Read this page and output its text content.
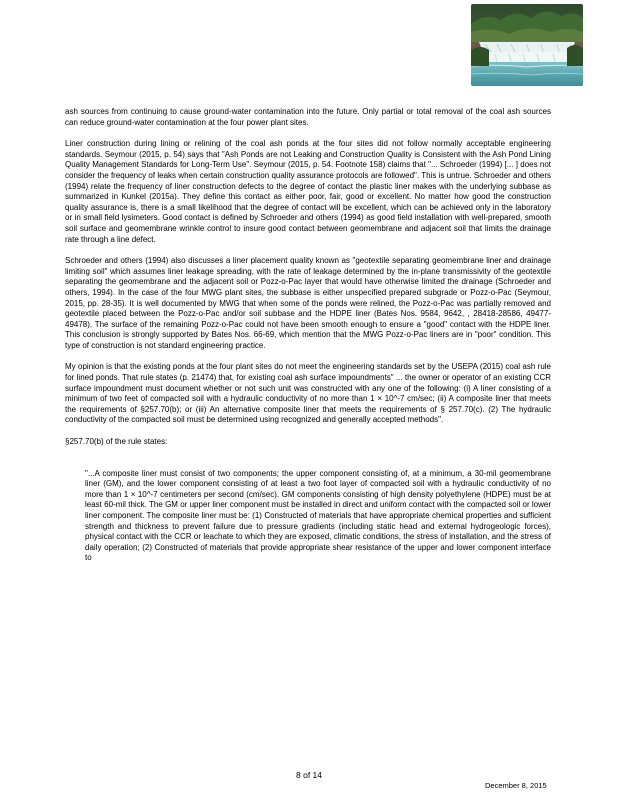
ash sources from continuing to cause ground-water contamination into the future. Only partial or total removal of the coal ash sources can reduce ground-water contamination at the four power plant sites.

Liner construction during lining or relining of the coal ash ponds at the four sites did not follow normally acceptable engineering standards. Seymour (2015, p. 54) says that "Ash Ponds are not Leaking and Construction Quality is Consistent with the Ash Pond Lining Quality Management Standards for Long-Term Use". Seymour (2015, p. 54. Footnote 158) claims that "... Schroeder (1994) [... ] does not consider the frequency of leaks when certain construction quality assurance protocols are followed". This is untrue. Schroeder and others (1994) relate the frequency of liner construction defects to the degree of contact the plastic liner makes with the underlying subbase as summarized in Kunkel (2015a). They define this contact as either poor, fair, good or excellent. No matter how good the construction quality assurance is, there is a small likelihood that the degree of contact will be excellent, which can be achieved only in the laboratory or in small field lysimeters. Good contact is defined by Schroeder and others (1994) as good field installation with well-prepared, smooth soil surface and geomembrane wrinkle control to insure good contact between geomembrane and adjacent soil that limits the drainage rate through a line defect.

Schroeder and others (1994) also discusses a liner placement quality known as "geotextile separating geomembrane liner and drainage limiting soil" which assumes liner leakage spreading, with the rate of leakage determined by the in-plane transmissivity of the geotextile separating the geomembrane and the adjacent soil or Pozz-o-Pac layer that would have otherwise limited the drainage (Schroeder and others, 1994). In the case of the four MWG plant sites, the subbase is either unspecified prepared subgrade or Pozz-o-Pac (Seymour, 2015, pp. 28-35). It is well documented by MWG that when some of the ponds were relined, the Pozz-o-Pac was partially removed and geotextile placed between the Pozz-o-Pac and/or soil subbase and the HDPE liner (Bates Nos. 9584, 9642, , 28418-28586, 49477-49478). The surface of the remaining Pozz-o-Pac could not have been smooth enough to ensure a "good" contact with the HDPE liner. This conclusion is strongly supported by Bates Nos. 66-69, which mention that the MWG Pozz-o-Pac liners are in "poor" condition. This type of construction is not standard engineering practice.

My opinion is that the existing ponds at the four plant sites do not meet the engineering standards set by the USEPA (2015) coal ash rule for lined ponds. That rule states (p. 21474) that, for existing coal ash surface impoundments" ... the owner or operator of an existing CCR surface impoundment must document whether or not such unit was constructed with any one of the following: (i) A liner consisting of a minimum of two feet of compacted soil with a hydraulic conductivity of no more than 1 × 10^-7 cm/sec; (ii) A composite liner that meets the requirements of §257.70(b); or (iii) An alternative composite liner that meets the requirements of § 257.70(c). (2) The hydraulic conductivity of the compacted soil must be determined using recognized and generally accepted methods".

§257.70(b) of the rule states:

"...A composite liner must consist of two components; the upper component consisting of, at a minimum, a 30-mil geomembrane liner (GM), and the lower component consisting of at least a two foot layer of compacted soil with a hydraulic conductivity of no more than 1 × 10^-7 centimeters per second (cm/sec). GM components consisting of high density polyethylene (HDPE) must be at least 60-mil thick. The GM or upper liner component must be installed in direct and uniform contact with the compacted soil or lower liner component. The composite liner must be: (1) Constructed of materials that have appropriate chemical properties and sufficient strength and thickness to prevent failure due to pressure gradients (including static head and external hydrogeologic forces), physical contact with the CCR or leachate to which they are exposed, climatic conditions, the stress of installation, and the stress of daily operation; (2) Constructed of materials that provide appropriate shear resistance of the upper and lower component interface to

8 of 14
December 8, 2015
